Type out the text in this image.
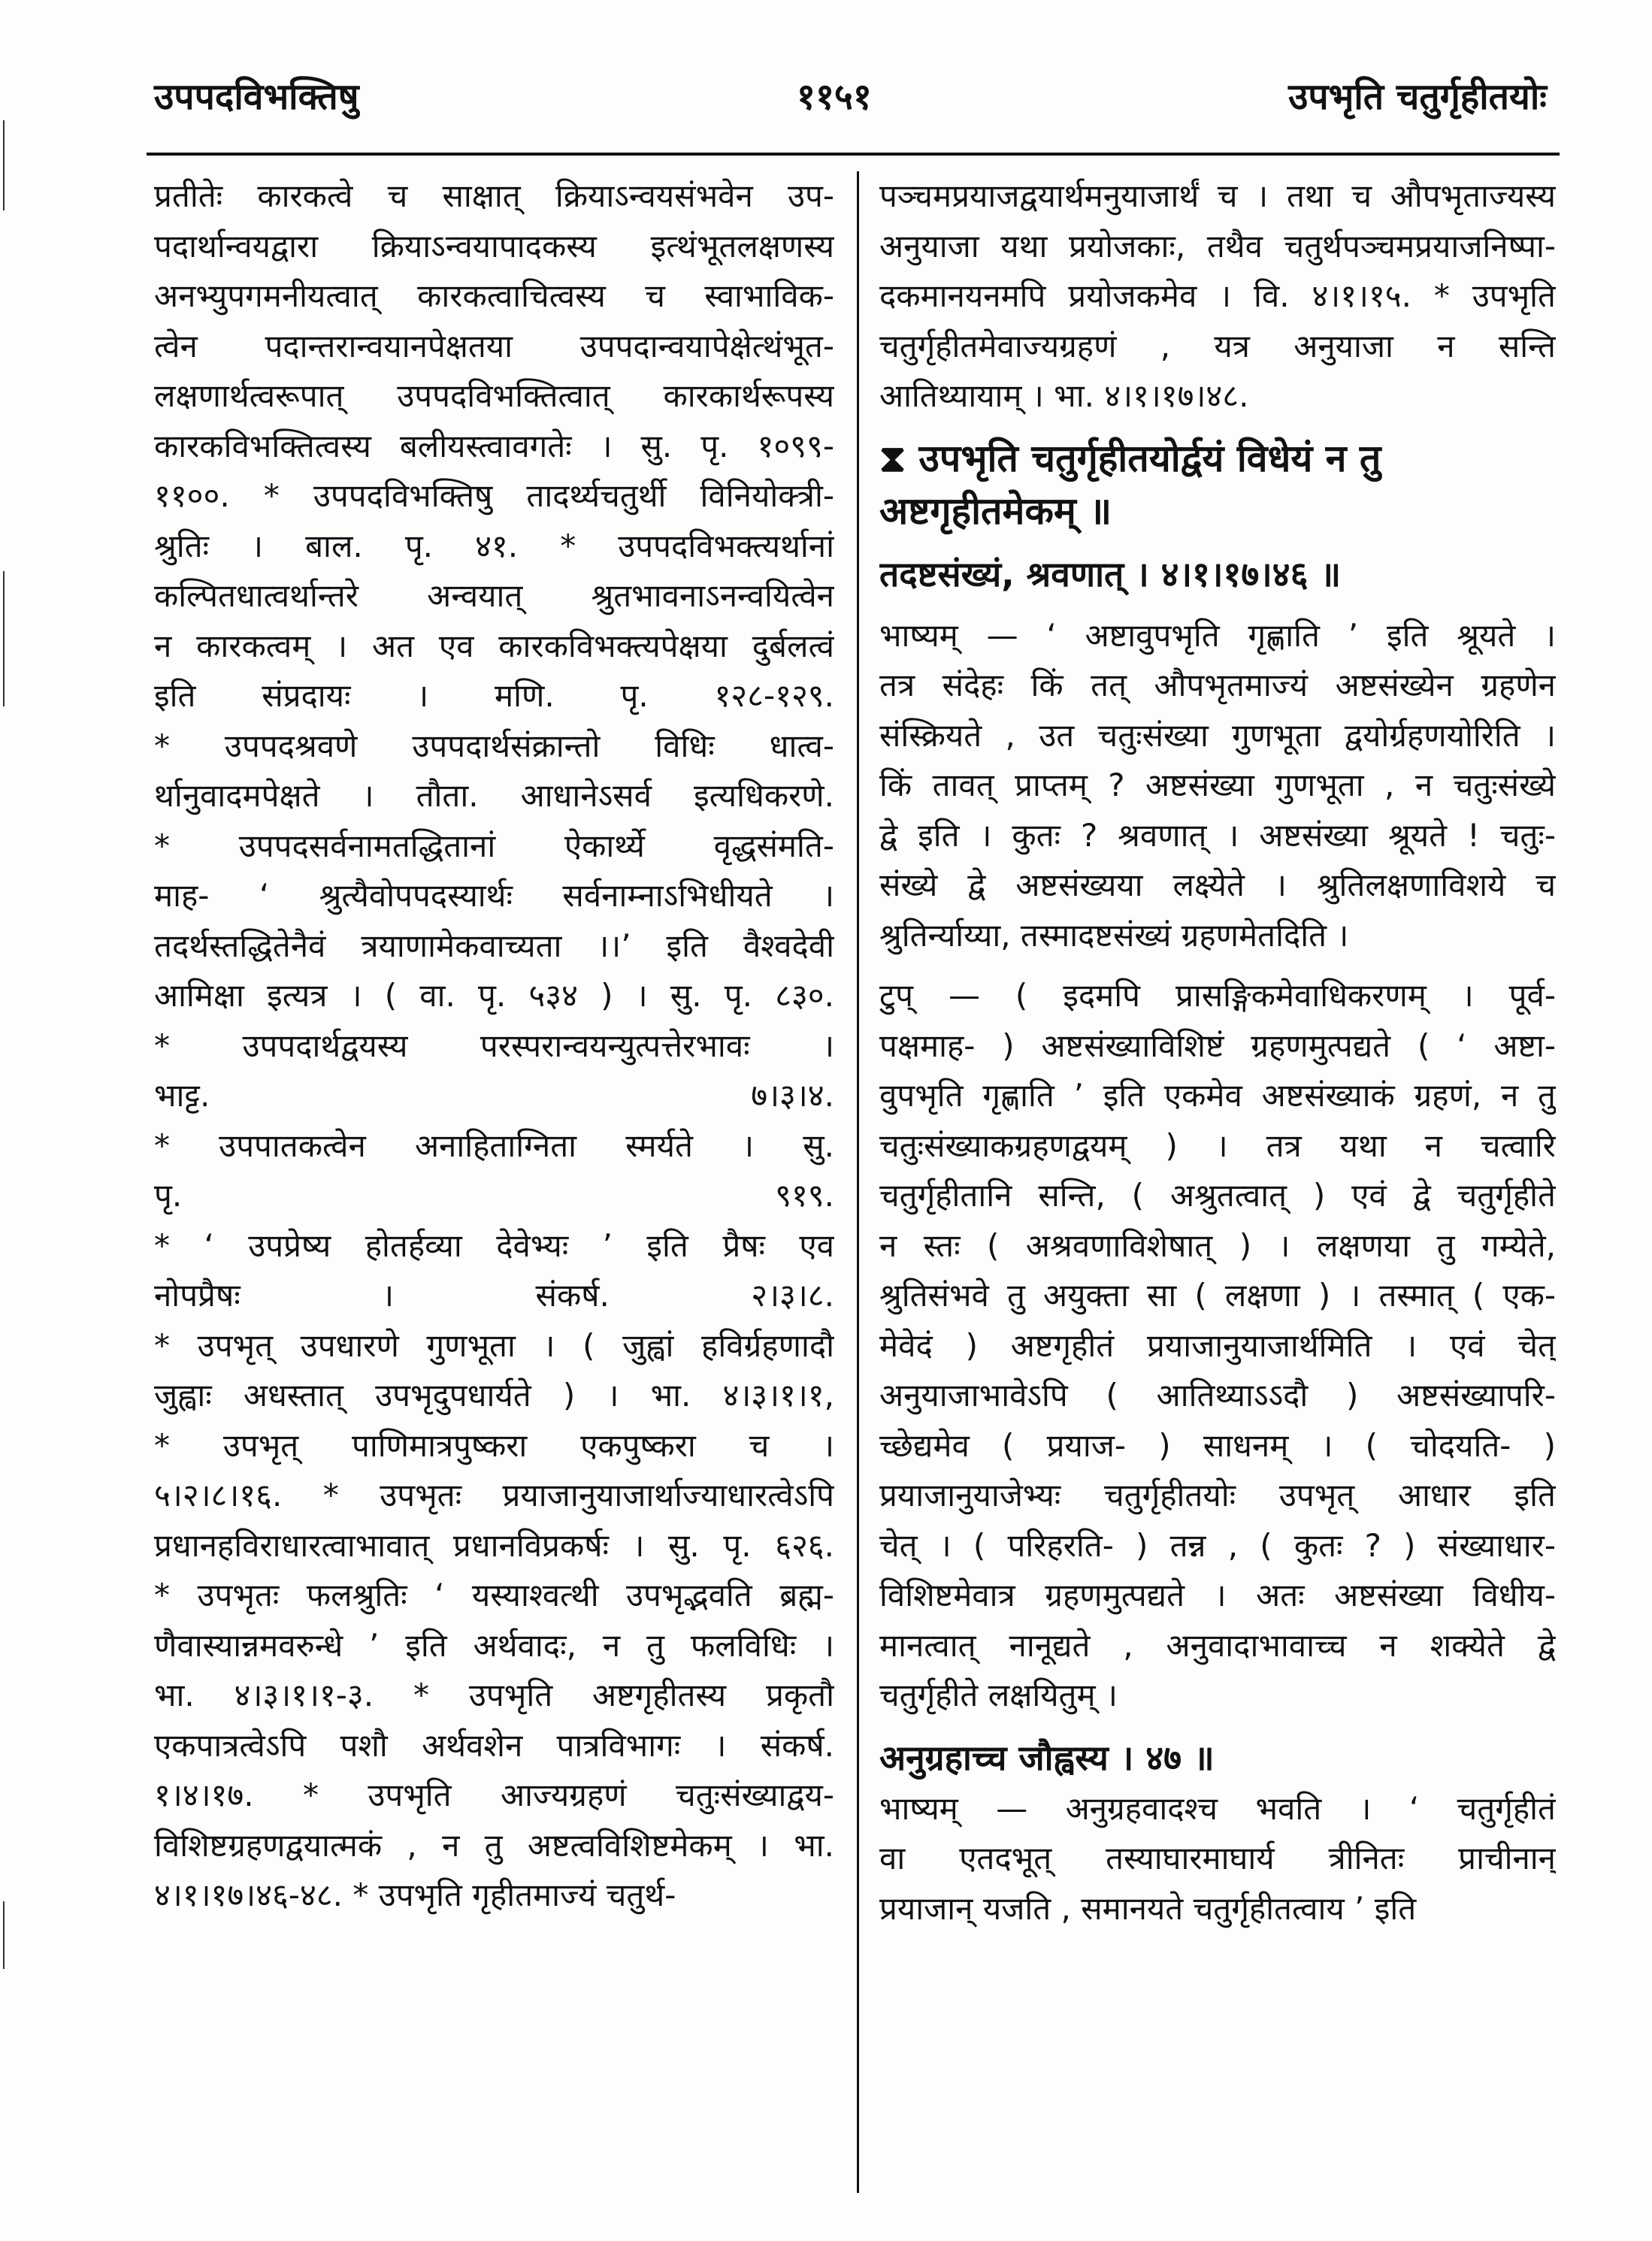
उपपदविभक्तिषु	११५१	उपभृति चतुर्गृहीतयोः
प्रतीतेः कारकत्वे च साक्षात् क्रियाऽन्वयसंभवेन उप-
पदार्थान्वयद्वारा क्रियाऽन्वयापादकस्य इत्थंभूतलक्षणस्य
अनभ्युपगमनीयत्वात् कारकत्वाचित्वस्य च स्वाभाविक-
त्वेन पदान्तरान्वयानपेक्षतया उपपदान्वयापेक्षेत्थंभूत-
लक्षणार्थत्वरूपात् उपपदविभक्तित्वात् कारकार्थरूपस्य
कारकविभक्तित्वस्य बलीयस्त्वावगतेः । सु. पृ. १०९९-
११००. * उपपदविभक्तिषु तादर्थ्यचतुर्थी विनियोक्त्री-
श्रुतिः । बाल. पृ. ४१. * उपपदविभक्त्यर्थानां
कल्पितधात्वर्थान्तरे अन्वयात् श्रुतभावनाऽनन्वयित्वेन
न कारकत्वम् । अत एव कारकविभक्त्यपेक्षया दुर्बलत्वं
इति संप्रदायः । मणि. पृ. १२८-१२९.
* उपपदश्रवणे उपपदार्थसंक्रान्तो विधिः धात्व-
र्थानुवादमपेक्षते । तौता. आधानेऽसर्व इत्यधिकरणे.
* उपपदसर्वनामतद्धितानां ऐकार्थ्ये वृद्धसंमति-
माह- ‘ श्रुत्यैवोपपदस्यार्थः सर्वनाम्नाऽभिधीयते ।
तदर्थस्तद्धितेनैवं त्रयाणामेकवाच्यता ।।’ इति वैश्वदेवी
आमिक्षा इत्यत्र । ( वा. पृ. ५३४ ) । सु. पृ. ८३०.
* उपपदार्थद्वयस्य परस्परान्वयन्युत्पत्तेरभावः ।
भाट्ट. ७।३।४.
* उपपातकत्वेन अनाहिताग्निता स्मर्यते । सु.
पृ. ९१९.
* ‘ उपप्रेष्य होतर्हव्या देवेभ्यः ’ इति प्रैषः एव
नोपप्रैषः । संकर्ष. २।३।८.
* उपभृत् उपधारणे गुणभूता । ( जुह्वां हविर्ग्रहणादौ
जुह्वाः अधस्तात् उपभृदुपधार्यते ) । भा. ४।३।१।१,
* उपभृत् पाणिमात्रपुष्करा एकपुष्करा च ।
५।२।८।१६. * उपभृतः प्रयाजानुयाजार्थाज्याधारत्वेऽपि
प्रधानहविराधारत्वाभावात् प्रधानविप्रकर्षः । सु. पृ. ६२६.
* उपभृतः फलश्रुतिः ‘ यस्याश्वत्थी उपभृद्भवति ब्रह्म-
णैवास्यान्नमवरुन्धे ’ इति अर्थवादः, न तु फलविधिः ।
भा. ४।३।१।१-३. * उपभृति अष्टगृहीतस्य प्रकृतौ
एकपात्रत्वेऽपि पशौ अर्थवशेन पात्रविभागः । संकर्ष.
१।४।१७. * उपभृति आज्यग्रहणं चतुःसंख्याद्वय-
विशिष्टग्रहणद्वयात्मकं , न तु अष्टत्वविशिष्टमेकम् । भा.
४।१।१७।४६-४८. * उपभृति गृहीतमाज्यं चतुर्थ-
पञ्चमप्रयाजद्वयार्थमनुयाजार्थं च । तथा च औपभृताज्यस्य
अनुयाजा यथा प्रयोजकाः, तथैव चतुर्थपञ्चमप्रयाजनिष्पा-
दकमानयनमपि प्रयोजकमेव । वि. ४।१।१५. * उपभृति
चतुर्गृहीतमेवाज्यग्रहणं , यत्र अनुयाजा न सन्ति
आतिथ्यायाम् । भा. ४।१।१७।४८.
⧗ उपभृति चतुर्गृहीतयोर्द्वयं विधेयं न तु
अष्टगृहीतमेकम् ॥
तदष्टसंख्यं, श्रवणात् । ४।१।१७।४६ ॥
भाष्यम् — ‘ अष्टावुपभृति गृह्णाति ’ इति श्रूयते ।
तत्र संदेहः किं तत् औपभृतमाज्यं अष्टसंख्येन ग्रहणेन
संस्क्रियते , उत चतुःसंख्या गुणभूता द्वयोर्ग्रहणयोरिति ।
किं तावत् प्राप्तम् ? अष्टसंख्या गुणभूता , न चतुःसंख्ये
द्वे इति । कुतः ? श्रवणात् । अष्टसंख्या श्रूयते ! चतुः-
संख्ये द्वे अष्टसंख्यया लक्ष्येते । श्रुतिलक्षणाविशये च
श्रुतिर्न्याय्या, तस्मादष्टसंख्यं ग्रहणमेतदिति ।
टुप् — ( इदमपि प्रासङ्गिकमेवाधिकरणम् । पूर्व-
पक्षमाह- ) अष्टसंख्याविशिष्टं ग्रहणमुत्पद्यते ( ‘ अष्टा-
वुपभृति गृह्णाति ’ इति एकमेव अष्टसंख्याकं ग्रहणं, न तु
चतुःसंख्याकग्रहणद्वयम् ) । तत्र यथा न चत्वारि
चतुर्गृहीतानि सन्ति, ( अश्रुतत्वात् ) एवं द्वे चतुर्गृहीते
न स्तः ( अश्रवणाविशेषात् ) । लक्षणया तु गम्येते,
श्रुतिसंभवे तु अयुक्ता सा ( लक्षणा ) । तस्मात् ( एक-
मेवेदं ) अष्टगृहीतं प्रयाजानुयाजार्थमिति । एवं चेत्
अनुयाजाभावेऽपि ( आतिथ्याऽऽदौ ) अष्टसंख्यापरि-
च्छेद्यमेव ( प्रयाज- ) साधनम् । ( चोदयति- )
प्रयाजानुयाजेभ्यः चतुर्गृहीतयोः उपभृत् आधार इति
चेत् । ( परिहरति- ) तन्न , ( कुतः ? ) संख्याधार-
विशिष्टमेवात्र ग्रहणमुत्पद्यते । अतः अष्टसंख्या विधीय-
मानत्वात् नानूद्यते , अनुवादाभावाच्च न शक्येते द्वे
चतुर्गृहीते लक्षयितुम् ।
अनुग्रहाच्च जौह्वस्य । ४७ ॥
भाष्यम् — अनुग्रहवादश्च भवति । ‘ चतुर्गृहीतं
वा एतदभूत् तस्याघारमाघार्य त्रीनितः प्राचीनान्
प्रयाजान् यजति , समानयते चतुर्गृहीतत्वाय ’ इति
